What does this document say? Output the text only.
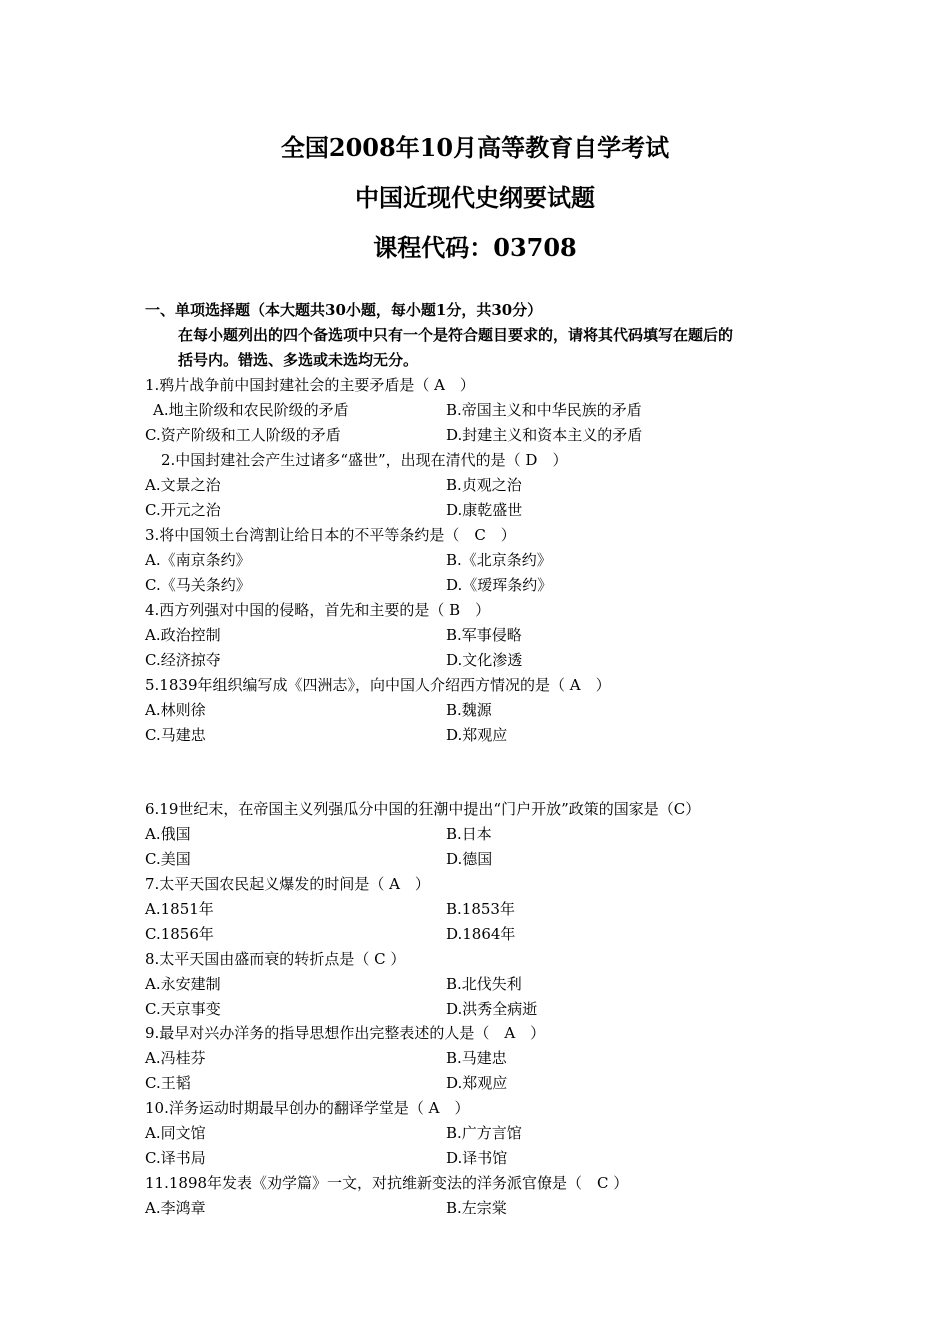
全国2008年10月高等教育自学考试
中国近现代史纲要试题
课程代码：03708
一、单项选择题（本大题共30小题，每小题1分，共30分）
在每小题列出的四个备选项中只有一个是符合题目要求的，请将其代码填写在题后的
括号内。错选、多选或未选均无分。
1.鸦片战争前中国封建社会的主要矛盾是（ A　）
A.地主阶级和农民阶级的矛盾	B.帝国主义和中华民族的矛盾
C.资产阶级和工人阶级的矛盾	D.封建主义和资本主义的矛盾
2.中国封建社会产生过诸多“盛世”，出现在清代的是（ D　）
A.文景之治	B.贞观之治
C.开元之治	D.康乾盛世
3.将中国领土台湾割让给日本的不平等条约是（　C　）
A.《南京条约》	B.《北京条约》
C.《马关条约》	D.《瑷珲条约》
4.西方列强对中国的侵略，首先和主要的是（ B　）
A.政治控制	B.军事侵略
C.经济掠夺	D.文化渗透
5.1839年组织编写成《四洲志》，向中国人介绍西方情况的是（ A　）
A.林则徐	B.魏源
C.马建忠	D.郑观应
6.19世纪末，在帝国主义列强瓜分中国的狂潮中提出“门户开放”政策的国家是（C）
A.俄国	B.日本
C.美国	D.德国
7.太平天国农民起义爆发的时间是（ A　）
A.1851年	B.1853年
C.1856年	D.1864年
8.太平天国由盛而衰的转折点是（ C ）
A.永安建制	B.北伐失利
C.天京事变	D.洪秀全病逝
9.最早对兴办洋务的指导思想作出完整表述的人是（　A　）
A.冯桂芬	B.马建忠
C.王韬	D.郑观应
10.洋务运动时期最早创办的翻译学堂是（ A　）
A.同文馆	B.广方言馆
C.译书局	D.译书馆
11.1898年发表《劝学篇》一文，对抗维新变法的洋务派官僚是（　C ）
A.李鸿章	B.左宗棠
